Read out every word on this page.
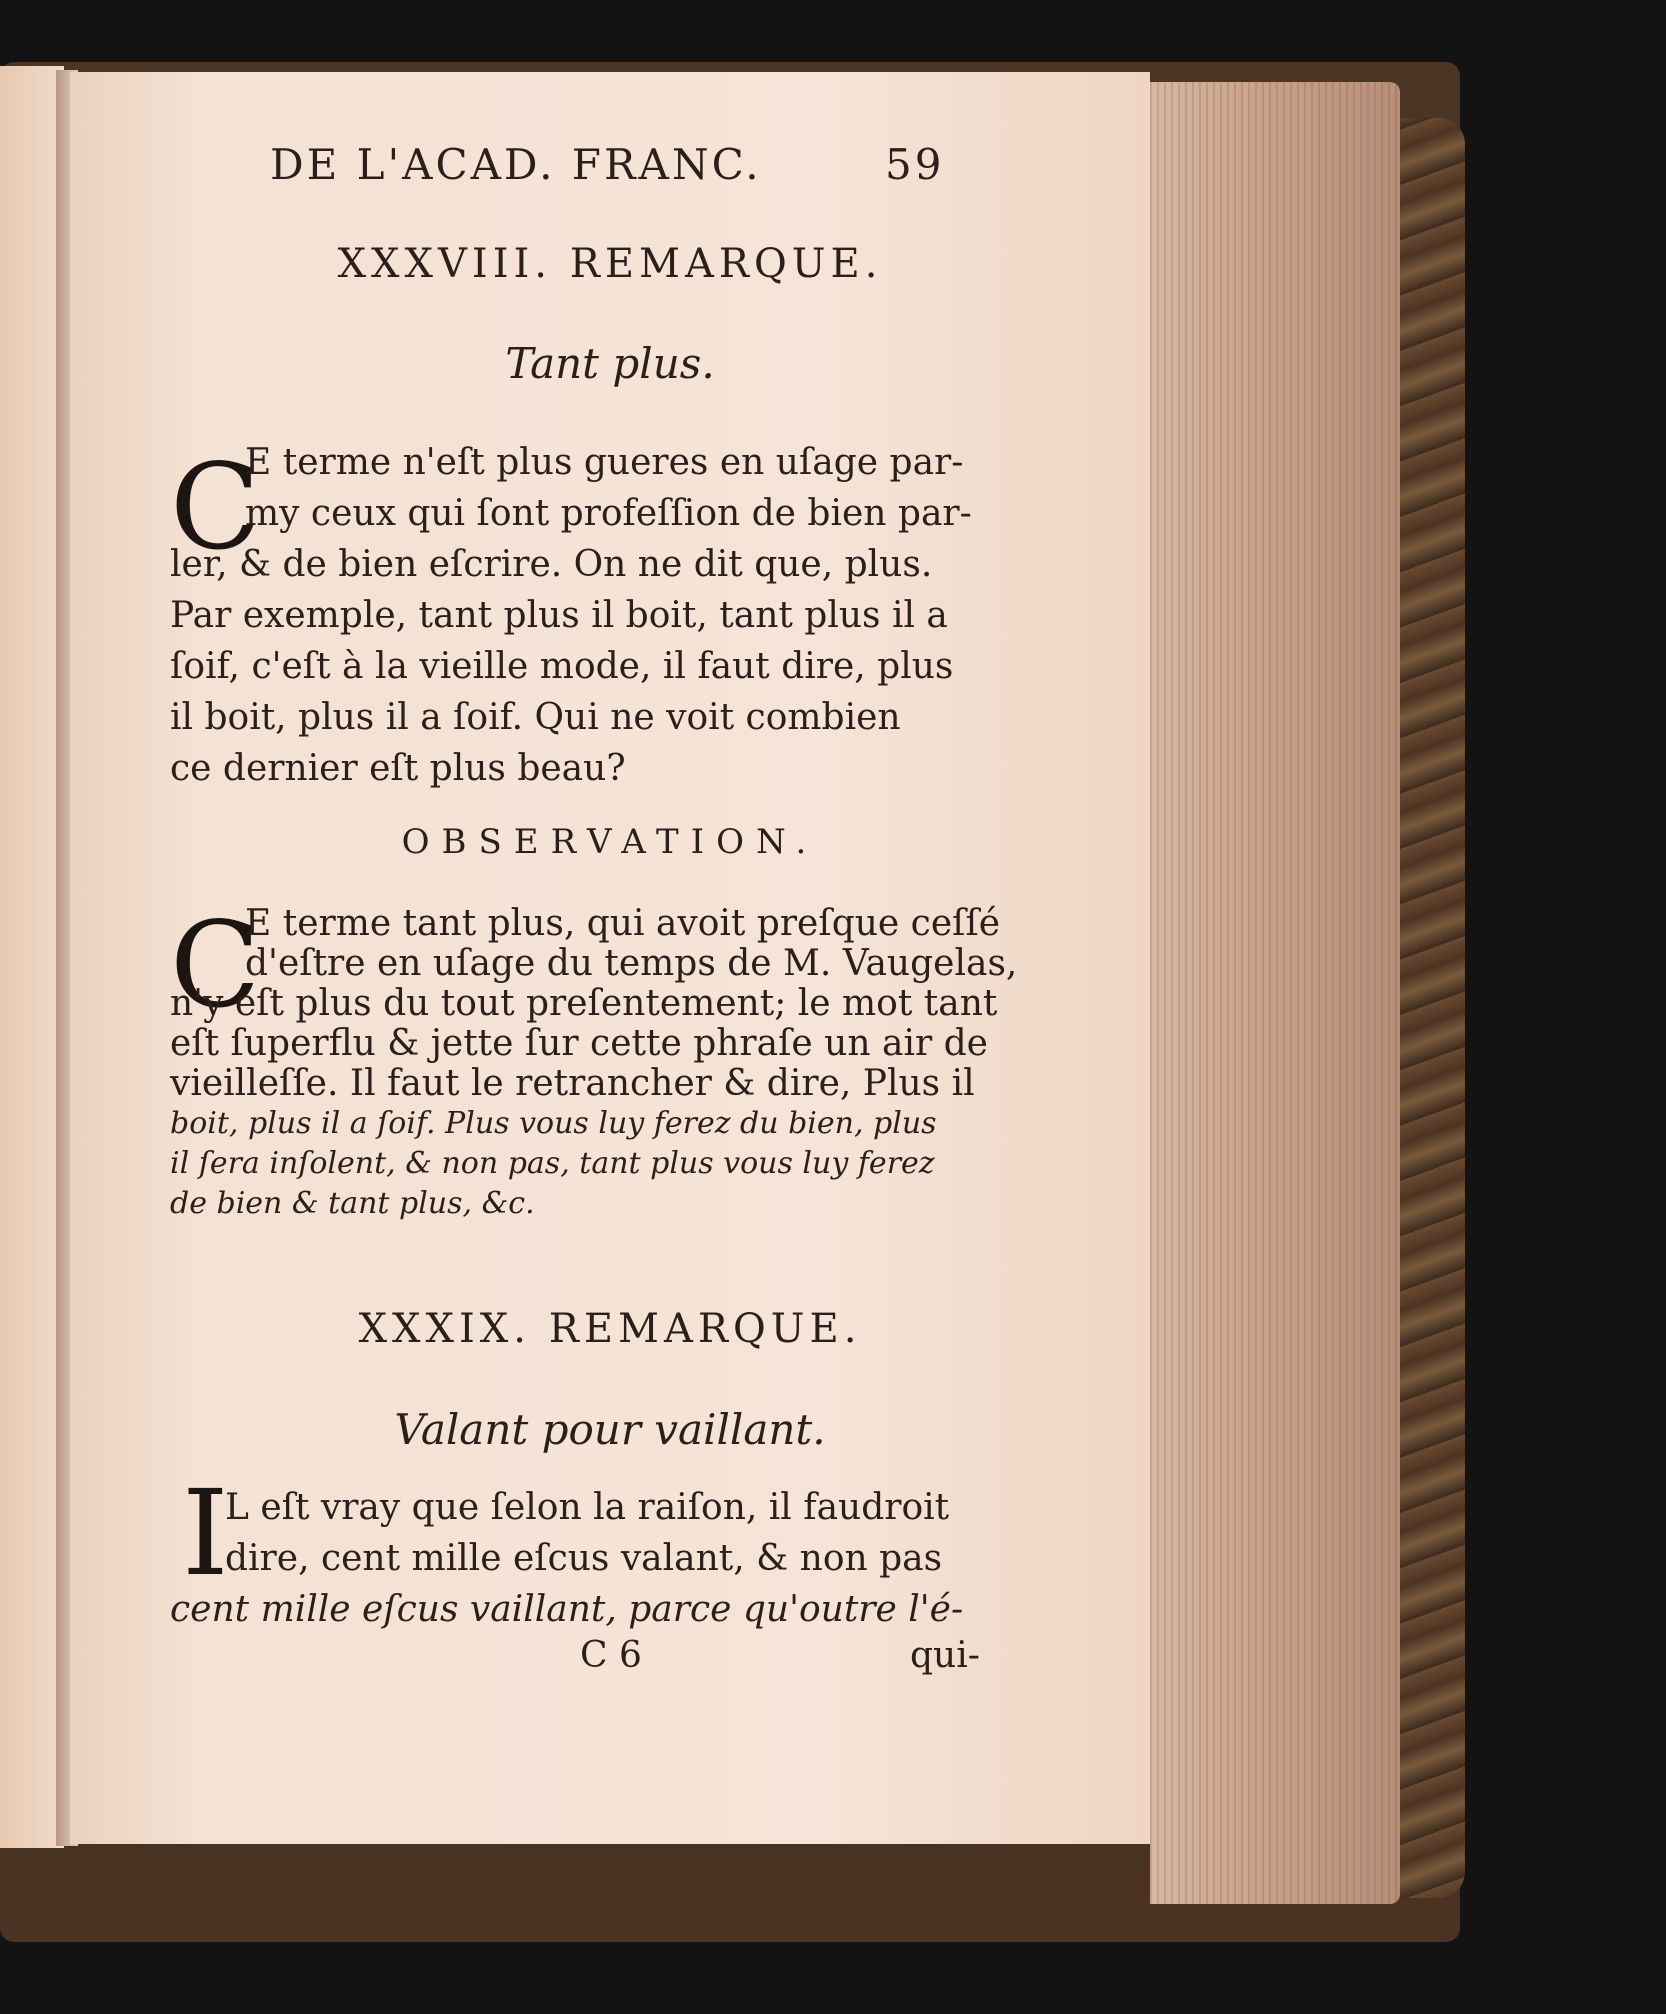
DE L'ACAD. FRANC.	59
XXXVIII. REMARQUE.
Tant plus.
C
E terme n'eſt plus gueres en uſage par-
my ceux qui ſont profeſſion de bien par-
ler, & de bien eſcrire. On ne dit que, plus.
Par exemple, tant plus il boit, tant plus il a
ſoif, c'eſt à la vieille mode, il faut dire, plus
il boit, plus il a ſoif. Qui ne voit combien
ce dernier eſt plus beau?
OBSERVATION.
C
E terme tant plus, qui avoit preſque ceſſé
d'eſtre en uſage du temps de M. Vaugelas,
n'y eſt plus du tout preſentement; le mot tant
eſt ſuperflu & jette ſur cette phraſe un air de
vieilleſſe. Il faut le retrancher & dire, Plus il
boit, plus il a ſoif. Plus vous luy ferez du bien, plus
il ſera inſolent, & non pas, tant plus vous luy ferez
de bien & tant plus, &c.
XXXIX. REMARQUE.
Valant pour vaillant.
I
L eſt vray que ſelon la raiſon, il faudroit
dire, cent mille eſcus valant, & non pas
cent mille eſcus vaillant, parce qu'outre l'é-
C 6	qui-
